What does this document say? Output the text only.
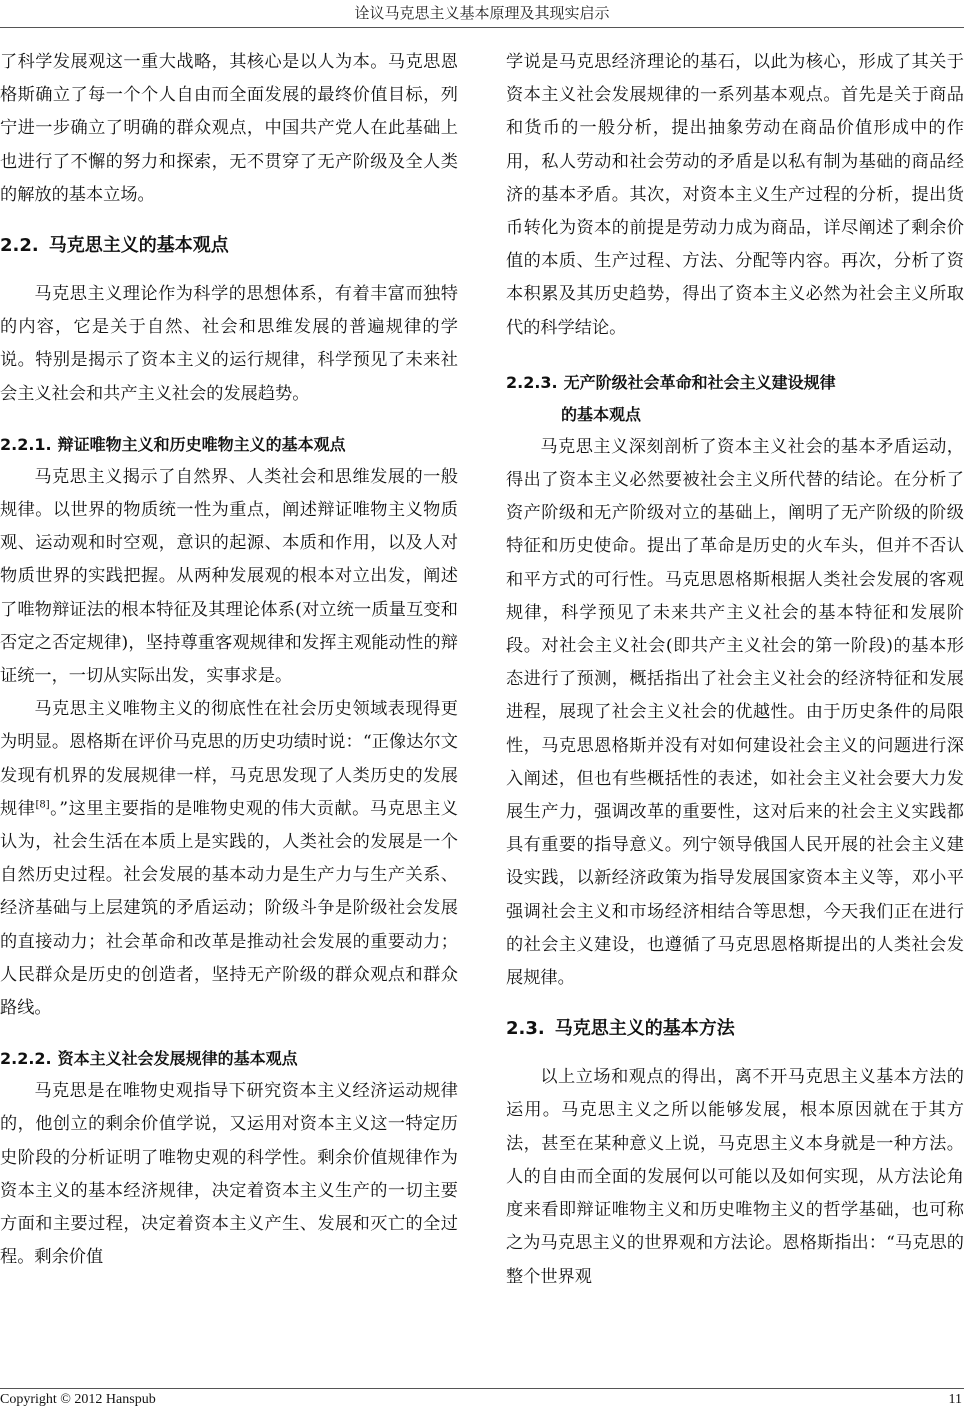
诠议马克思主义基本原理及其现实启示

了科学发展观这一重大战略，其核心是以人为本。马克思恩格斯确立了每一个个人自由而全面发展的最终价值目标，列宁进一步确立了明确的群众观点，中国共产党人在此基础上也进行了不懈的努力和探索，无不贯穿了无产阶级及全人类的解放的基本立场。

2.2. 马克思主义的基本观点

马克思主义理论作为科学的思想体系，有着丰富而独特的内容，它是关于自然、社会和思维发展的普遍规律的学说。特别是揭示了资本主义的运行规律，科学预见了未来社会主义社会和共产主义社会的发展趋势。

2.2.1. 辩证唯物主义和历史唯物主义的基本观点

马克思主义揭示了自然界、人类社会和思维发展的一般规律。以世界的物质统一性为重点，阐述辩证唯物主义物质观、运动观和时空观，意识的起源、本质和作用，以及人对物质世界的实践把握。从两种发展观的根本对立出发，阐述了唯物辩证法的根本特征及其理论体系(对立统一质量互变和否定之否定规律)，坚持尊重客观规律和发挥主观能动性的辩证统一，一切从实际出发，实事求是。

马克思主义唯物主义的彻底性在社会历史领域表现得更为明显。恩格斯在评价马克思的历史功绩时说：“正像达尔文发现有机界的发展规律一样，马克思发现了人类历史的发展规律[8]。”这里主要指的是唯物史观的伟大贡献。马克思主义认为，社会生活在本质上是实践的，人类社会的发展是一个自然历史过程。社会发展的基本动力是生产力与生产关系、经济基础与上层建筑的矛盾运动；阶级斗争是阶级社会发展的直接动力；社会革命和改革是推动社会发展的重要动力；人民群众是历史的创造者，坚持无产阶级的群众观点和群众路线。

2.2.2. 资本主义社会发展规律的基本观点

马克思是在唯物史观指导下研究资本主义经济运动规律的，他创立的剩余价值学说，又运用对资本主义这一特定历史阶段的分析证明了唯物史观的科学性。剩余价值规律作为资本主义的基本经济规律，决定着资本主义生产的一切主要方面和主要过程，决定着资本主义产生、发展和灭亡的全过程。剩余价值

学说是马克思经济理论的基石，以此为核心，形成了其关于资本主义社会发展规律的一系列基本观点。首先是关于商品和货币的一般分析，提出抽象劳动在商品价值形成中的作用，私人劳动和社会劳动的矛盾是以私有制为基础的商品经济的基本矛盾。其次，对资本主义生产过程的分析，提出货币转化为资本的前提是劳动力成为商品，详尽阐述了剩余价值的本质、生产过程、方法、分配等内容。再次，分析了资本积累及其历史趋势，得出了资本主义必然为社会主义所取代的科学结论。

2.2.3. 无产阶级社会革命和社会主义建设规律
的基本观点

马克思主义深刻剖析了资本主义社会的基本矛盾运动，得出了资本主义必然要被社会主义所代替的结论。在分析了资产阶级和无产阶级对立的基础上，阐明了无产阶级的阶级特征和历史使命。提出了革命是历史的火车头，但并不否认和平方式的可行性。马克思恩格斯根据人类社会发展的客观规律，科学预见了未来共产主义社会的基本特征和发展阶段。对社会主义社会(即共产主义社会的第一阶段)的基本形态进行了预测，概括指出了社会主义社会的经济特征和发展进程，展现了社会主义社会的优越性。由于历史条件的局限性，马克思恩格斯并没有对如何建设社会主义的问题进行深入阐述，但也有些概括性的表述，如社会主义社会要大力发展生产力，强调改革的重要性，这对后来的社会主义实践都具有重要的指导意义。列宁领导俄国人民开展的社会主义建设实践，以新经济政策为指导发展国家资本主义等，邓小平强调社会主义和市场经济相结合等思想，今天我们正在进行的社会主义建设，也遵循了马克思恩格斯提出的人类社会发展规律。

2.3. 马克思主义的基本方法

以上立场和观点的得出，离不开马克思主义基本方法的运用。马克思主义之所以能够发展，根本原因就在于其方法，甚至在某种意义上说，马克思主义本身就是一种方法。人的自由而全面的发展何以可能以及如何实现，从方法论角度来看即辩证唯物主义和历史唯物主义的哲学基础，也可称之为马克思主义的世界观和方法论。恩格斯指出：“马克思的整个世界观

Copyright © 2012 Hanspub	11
